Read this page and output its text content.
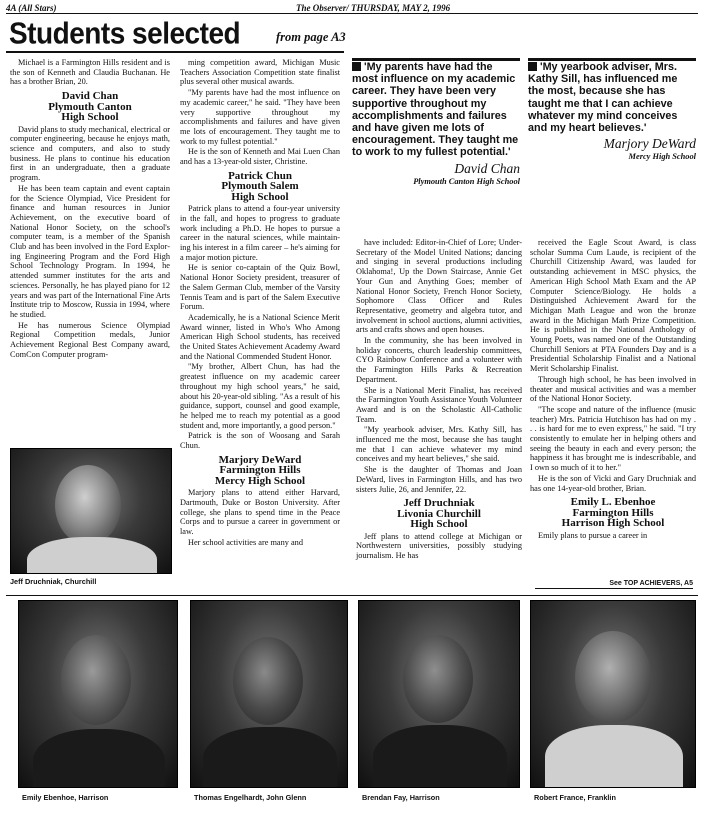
4A (All Stars)	The Observer/ THURSDAY, MAY 2, 1996
Students selected	from page A3

Michael is a Farmington Hills resident and is the son of Kenneth and Claudia Buchanan. He has a brother Brian, 20.

David Chan
Plymouth Canton
High School

David plans to study mechanical, electrical or computer engineering, because he enjoys math, science and computers, and also to study business. He plans to continue his education first in an undergraduate, then a graduate program.

He has been team captain and event captain for the Science Olympiad, Vice President for finance and human resources in Junior Achievement, on the executive board of National Honor Society, on the school's computer team, is a member of the Spanish Club and has been involved in the Ford Exploring Engineering Program and the Ford High School Technology Program. In 1994, he attended summer institutes for the arts and sciences. Personally, he has played piano for 12 years and was part of the International Fine Arts Institute trip to Moscow, Russia in 1994, where he studied.

He has numerous Science Olympiad Regional Competition medals, Junior Achievement Regional Best Company award, ComCon Computer program-

Jeff Druchniak, Churchill

ming competition award, Michigan Music Teachers Association Competition state finalist plus several other musical awards.

"My parents have had the most influence on my academic career," he said. "They have been very supportive throughout my accomplishments and failures and have given me lots of encouragement. They taught me to work to my fullest potential."

He is the son of Kenneth and Mai Luen Chan and has a 13-year-old sister, Christine.

Patrick Chun
Plymouth Salem
High School

Patrick plans to attend a four-year university in the fall, and hopes to progress to graduate work including a Ph.D. He hopes to pursue a career in the natural sciences, while maintaining his interest in a film career – he's aiming for a major motion picture.

He is senior co-captain of the Quiz Bowl, National Honor Society president, treasurer of the Salem German Club, member of the Varsity Tennis Team and is part of the Salem Executive Forum.

Academically, he is a National Science Merit Award winner, listed in Who's Who Among American High School students, has received the United States Achievement Academy Award and the National Commended Student Honor.

"My brother, Albert Chun, has had the greatest influence on my academic career throughout my high school years," he said, about his 20-year-old sibling. "As a result of his guidance, support, counsel and good example, he helped me to reach my potential as a good student and, more importantly, a good person."

Patrick is the son of Woosang and Sarah Chun.

Marjory DeWard
Farmington Hills
Mercy High School

Marjory plans to attend either Harvard, Dartmouth, Duke or Boston University. After college, she plans to spend time in the Peace Corps and to pursue a career in government or law.

Her school activities are many and

'My parents have had the most influence on my academic career. They have been very supportive throughout my accomplishments and failures and have given me lots of encouragement. They taught me to work to my fullest potential.'
David Chan
Plymouth Canton High School
'My yearbook adviser, Mrs. Kathy Sill, has influenced me the most, because she has taught me that I can achieve whatever my mind conceives and my heart believes.'
Marjory DeWard
Mercy High School

have included: Editor-in-Chief of Lore; Under-Secretary of the Model United Nations; dancing and singing in several productions including Oklahoma!, Up the Down Staircase, Annie Get Your Gun and Anything Goes; member of National Honor Society, French Honor Society, Sophomore Class Officer and Rules Representative, geometry and algebra tutor, and involvement in school auctions, alumni activities, arts and crafts shows and open houses.

In the community, she has been involved in holiday concerts, church leadership committees, CYO Rainbow Conference and a volunteer with the Farmington Hills Parks & Recreation Department.

She is a National Merit Finalist, has received the Farmington Youth Assistance Youth Volunteer Award and is on the Scholastic All-Catholic Team.

"My yearbook adviser, Mrs. Kathy Sill, has influenced me the most, because she has taught me that I can achieve whatever my mind conceives and my heart believes," she said.

She is the daughter of Thomas and Joan DeWard, lives in Farmington Hills, and has two sisters Julie, 26, and Jennifer, 22.

Jeff Druchniak
Livonia Churchill
High School

Jeff plans to attend college at Michigan or Northwestern universities, possibly studying journalism. He has

received the Eagle Scout Award, is class scholar Summa Cum Laude, is recipient of the Churchill Citizenship Award, was lauded for outstanding achievement in MSC physics, the American High School Math Exam and the AP Computer Science/Biology. He holds a Distinguished Achievement Award for the Michigan Math League and won the bronze award in the Michigan Math Prize Competition. He is published in the National Anthology of Young Poets, was named one of the Outstanding Churchill Seniors at PTA Founders Day and is a Presidential Scholarship Finalist and a National Merit Scholarship Finalist.

Through high school, he has been involved in theater and musical activities and was a member of the National Honor Society.

"The scope and nature of the influence (music teacher) Mrs. Patricia Hutchison has had on my . . . is hard for me to even express," he said. "I try consistently to emulate her in helping others and seeing the beauty in each and every person; the happiness it has brought me is indescribable, and I own so much of it to her."

He is the son of Vicki and Gary Druchniak and has one 14-year-old brother, Brian.

Emily L. Ebenhoe
Farmington Hills
Harrison High School

Emily plans to pursue a career in

See TOP ACHIEVERS, A5
Emily Ebenhoe, Harrison	Thomas Engelhardt, John Glenn	Brendan Fay, Harrison	Robert France, Franklin
